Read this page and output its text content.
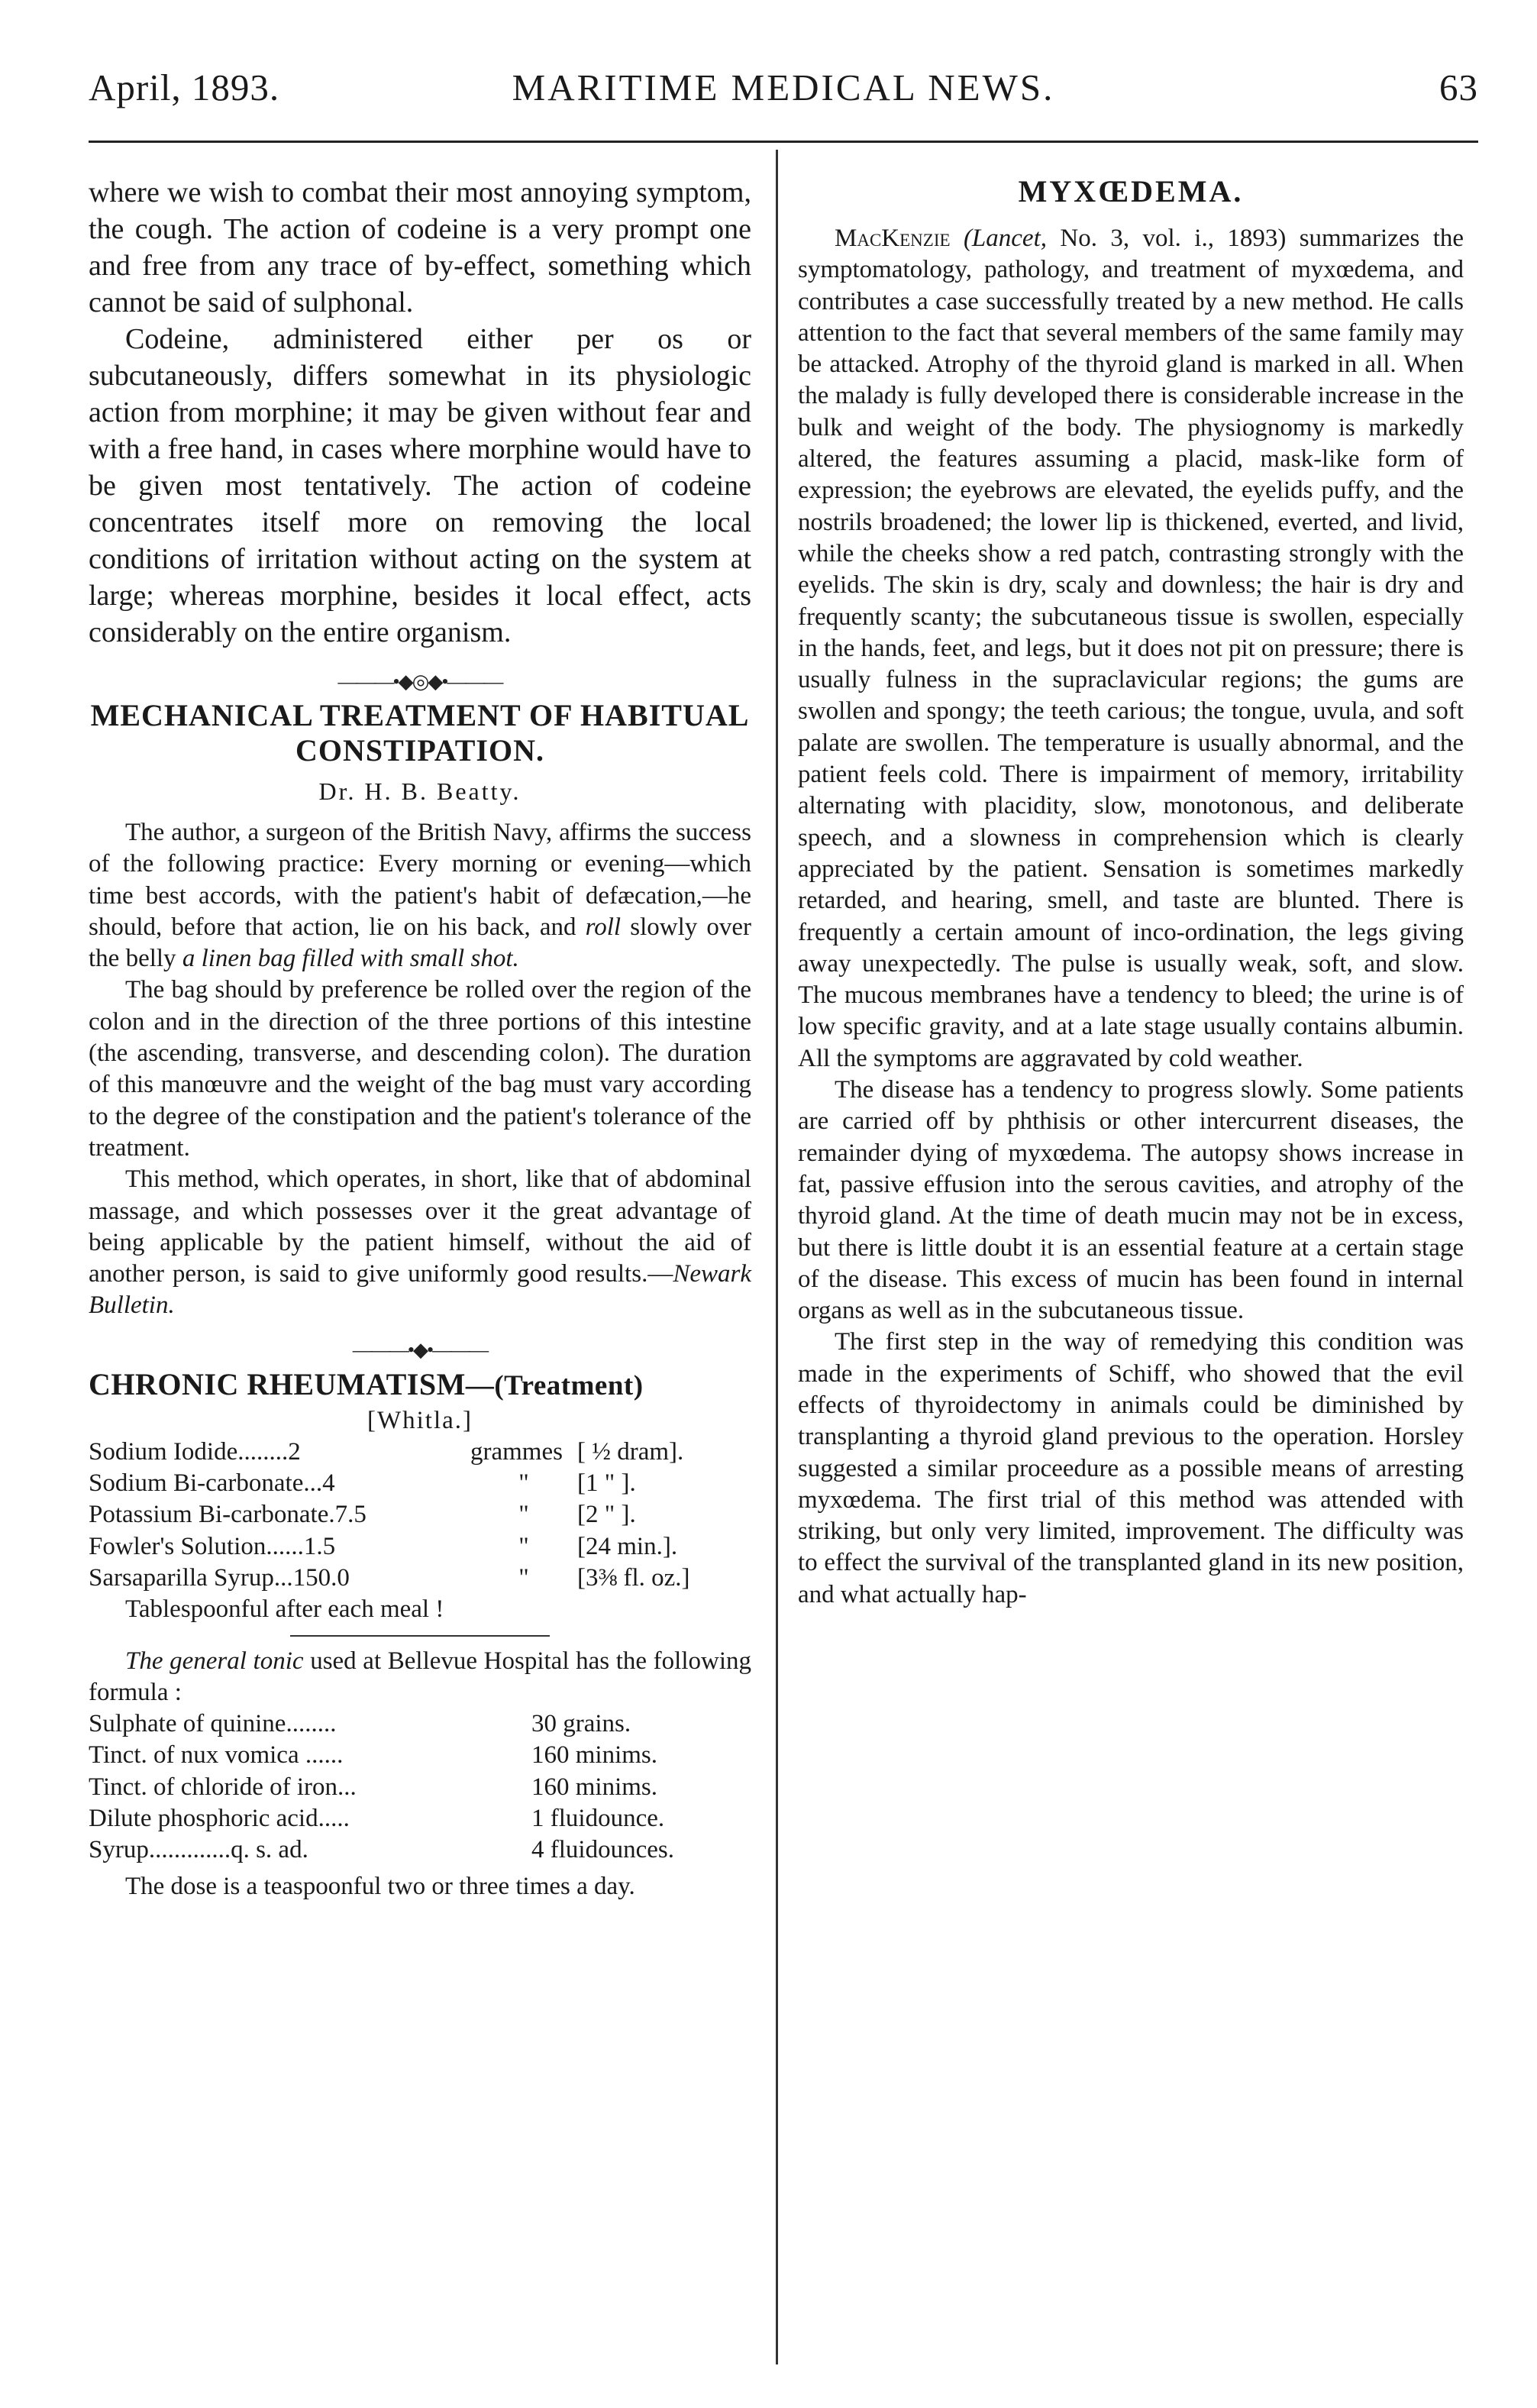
April, 1893.	MARITIME MEDICAL NEWS.	63

where we wish to combat their most annoying symptom, the cough. The action of codeine is a very prompt one and free from any trace of by-effect, something which cannot be said of sulphonal.

Codeine, administered either per os or subcutaneously, differs somewhat in its physiologic action from morphine; it may be given without fear and with a free hand, in cases where morphine would have to be given most tentatively. The action of codeine concentrates itself more on removing the local conditions of irritation without acting on the system at large; whereas morphine, besides it local effect, acts considerably on the entire organism.

———•◆◎◆•———

MECHANICAL TREATMENT OF HABITUAL CONSTIPATION.

Dr. H. B. Beatty.

The author, a surgeon of the British Navy, affirms the success of the following practice: Every morning or evening—which time best accords, with the patient's habit of defæcation,—he should, before that action, lie on his back, and roll slowly over the belly a linen bag filled with small shot.

The bag should by preference be rolled over the region of the colon and in the direction of the three portions of this intestine (the ascending, transverse, and descending colon). The duration of this manœuvre and the weight of the bag must vary according to the degree of the constipation and the patient's tolerance of the treatment.

This method, which operates, in short, like that of abdominal massage, and which possesses over it the great advantage of being applicable by the patient himself, without the aid of another person, is said to give uniformly good results.—Newark Bulletin.

———•◆•———

CHRONIC RHEUMATISM—(Treatment)

[Whitla.]
Sodium Iodide........2	grammes [ ½ dram].
Sodium Bi-carbonate...4	"	[1 " ].
Potassium Bi-carbonate.7.5	"	[2 " ].
Fowler's Solution......1.5	"	[24 min.].
Sarsaparilla Syrup...150.0	"	[3⅜ fl. oz.]
Tablespoonful after each meal !

The general tonic used at Bellevue Hospital has the following formula :

Sulphate of quinine........	30 grains.
Tinct. of nux vomica ......	160 minims.
Tinct. of chloride of iron...	160 minims.
Dilute phosphoric acid.....	1 fluidounce.
Syrup.............q. s. ad.	4 fluidounces.

The dose is a teaspoonful two or three times a day.

MYXŒDEMA.

MacKenzie (Lancet, No. 3, vol. i., 1893) summarizes the symptomatology, pathology, and treatment of myxœdema, and contributes a case successfully treated by a new method. He calls attention to the fact that several members of the same family may be attacked. Atrophy of the thyroid gland is marked in all. When the malady is fully developed there is considerable increase in the bulk and weight of the body. The physiognomy is markedly altered, the features assuming a placid, mask-like form of expression; the eyebrows are elevated, the eyelids puffy, and the nostrils broadened; the lower lip is thickened, everted, and livid, while the cheeks show a red patch, contrasting strongly with the eyelids. The skin is dry, scaly and downless; the hair is dry and frequently scanty; the subcutaneous tissue is swollen, especially in the hands, feet, and legs, but it does not pit on pressure; there is usually fulness in the supraclavicular regions; the gums are swollen and spongy; the teeth carious; the tongue, uvula, and soft palate are swollen. The temperature is usually abnormal, and the patient feels cold. There is impairment of memory, irritability alternating with placidity, slow, monotonous, and deliberate speech, and a slowness in comprehension which is clearly appreciated by the patient. Sensation is sometimes markedly retarded, and hearing, smell, and taste are blunted. There is frequently a certain amount of inco-ordination, the legs giving away unexpectedly. The pulse is usually weak, soft, and slow. The mucous membranes have a tendency to bleed; the urine is of low specific gravity, and at a late stage usually contains albumin. All the symptoms are aggravated by cold weather.

The disease has a tendency to progress slowly. Some patients are carried off by phthisis or other intercurrent diseases, the remainder dying of myxœdema. The autopsy shows increase in fat, passive effusion into the serous cavities, and atrophy of the thyroid gland. At the time of death mucin may not be in excess, but there is little doubt it is an essential feature at a certain stage of the disease. This excess of mucin has been found in internal organs as well as in the subcutaneous tissue.

The first step in the way of remedying this condition was made in the experiments of Schiff, who showed that the evil effects of thyroidectomy in animals could be diminished by transplanting a thyroid gland previous to the operation. Horsley suggested a similar proceedure as a possible means of arresting myxœdema. The first trial of this method was attended with striking, but only very limited, improvement. The difficulty was to effect the survival of the transplanted gland in its new position, and what actually hap-
